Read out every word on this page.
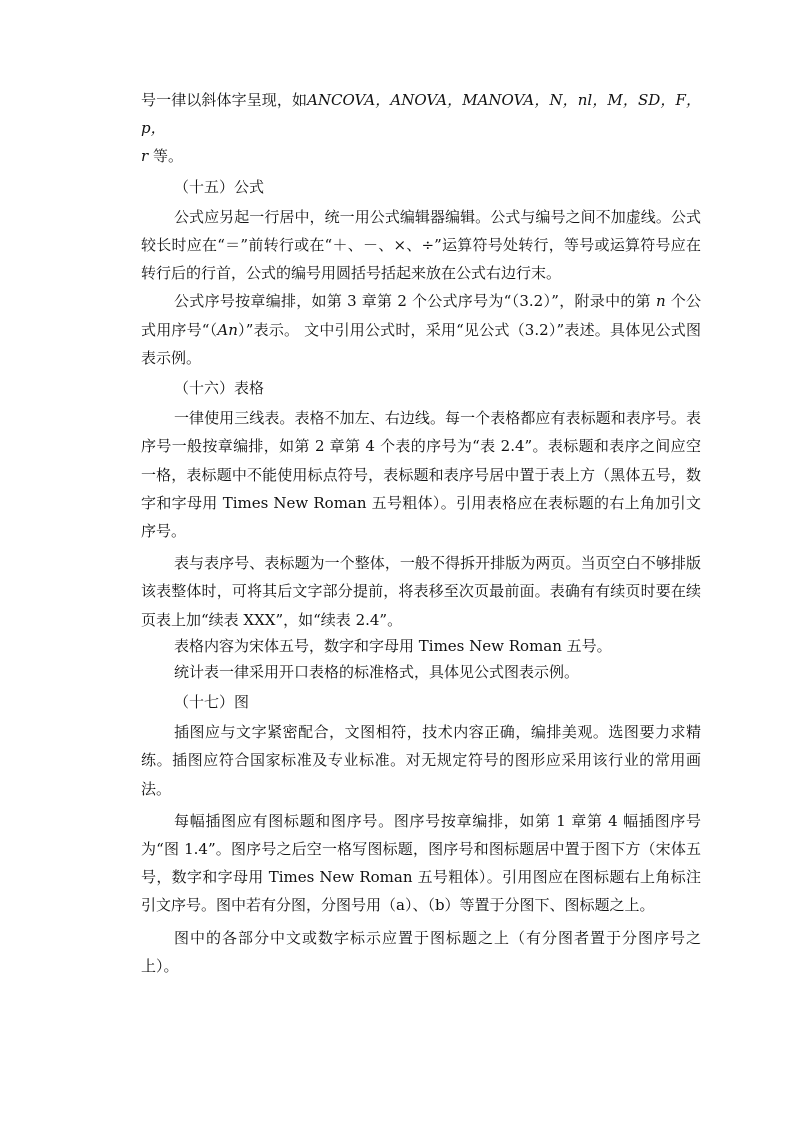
号一律以斜体字呈现，如ANCOVA，ANOVA，MANOVA，N，nl，M，SD，F，p，
r 等。

（十五）公式

公式应另起一行居中，统一用公式编辑器编辑。公式与编号之间不加虚线。公式较长时应在“＝”前转行或在“＋、－、×、÷”运算符号处转行，等号或运算符号应在转行后的行首，公式的编号用圆括号括起来放在公式右边行末。

公式序号按章编排，如第 3 章第 2 个公式序号为“（3.2）”，附录中的第 n 个公式用序号“（An）”表示。 文中引用公式时，采用“见公式（3.2）”表述。具体见公式图表示例。

（十六）表格

一律使用三线表。表格不加左、右边线。每一个表格都应有表标题和表序号。表序号一般按章编排，如第 2 章第 4 个表的序号为“表 2.4”。表标题和表序之间应空一格，表标题中不能使用标点符号，表标题和表序号居中置于表上方（黑体五号，数字和字母用 Times New Roman 五号粗体）。引用表格应在表标题的右上角加引文序号。

表与表序号、表标题为一个整体，一般不得拆开排版为两页。当页空白不够排版该表整体时，可将其后文字部分提前，将表移至次页最前面。表确有有续页时要在续页表上加“续表 XXX”，如“续表 2.4”。

表格内容为宋体五号，数字和字母用 Times New Roman 五号。

统计表一律采用开口表格的标准格式，具体见公式图表示例。

（十七）图

插图应与文字紧密配合，文图相符，技术内容正确，编排美观。选图要力求精练。插图应符合国家标准及专业标准。对无规定符号的图形应采用该行业的常用画法。

每幅插图应有图标题和图序号。图序号按章编排，如第 1 章第 4 幅插图序号为“图 1.4”。图序号之后空一格写图标题，图序号和图标题居中置于图下方（宋体五号，数字和字母用 Times New Roman 五号粗体）。引用图应在图标题右上角标注引文序号。图中若有分图，分图号用（a）、（b）等置于分图下、图标题之上。

图中的各部分中文或数字标示应置于图标题之上（有分图者置于分图序号之上）。
